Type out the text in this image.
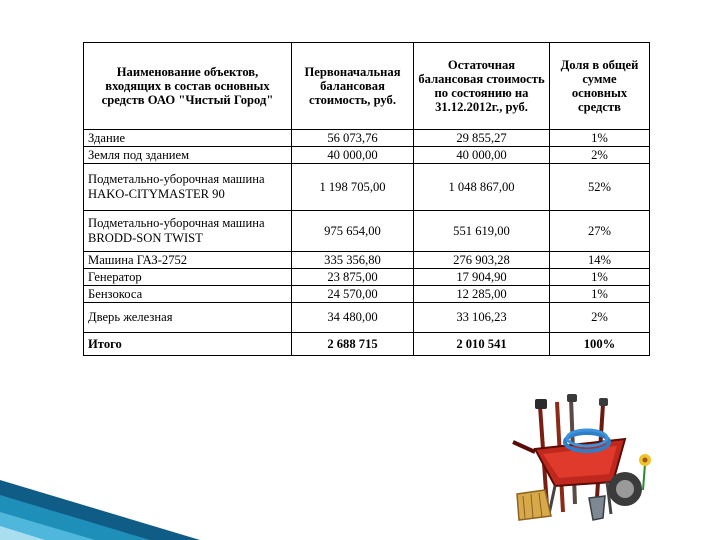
Наименование объектов, входящих в состав основных средств ОАО "Чистый Город"	Первоначальная балансовая стоимость, руб.	Остаточная балансовая стоимость по состоянию на 31.12.2012г., руб.	Доля в общей сумме основных средств
Здание	56 073,76	29 855,27	1%
Земля под зданием	40 000,00	40 000,00	2%
Подметально-уборочная машина HAKO-CITYMASTER 90	1 198 705,00	1 048 867,00	52%
Подметально-уборочная машина BRODD-SON TWIST	975 654,00	551 619,00	27%
Машина ГАЗ-2752	335 356,80	276 903,28	14%
Генератор	23 875,00	17 904,90	1%
Бензокоса	24 570,00	12 285,00	1%
Дверь железная	34 480,00	33 106,23	2%
Итого	2 688 715	2 010 541	100%
